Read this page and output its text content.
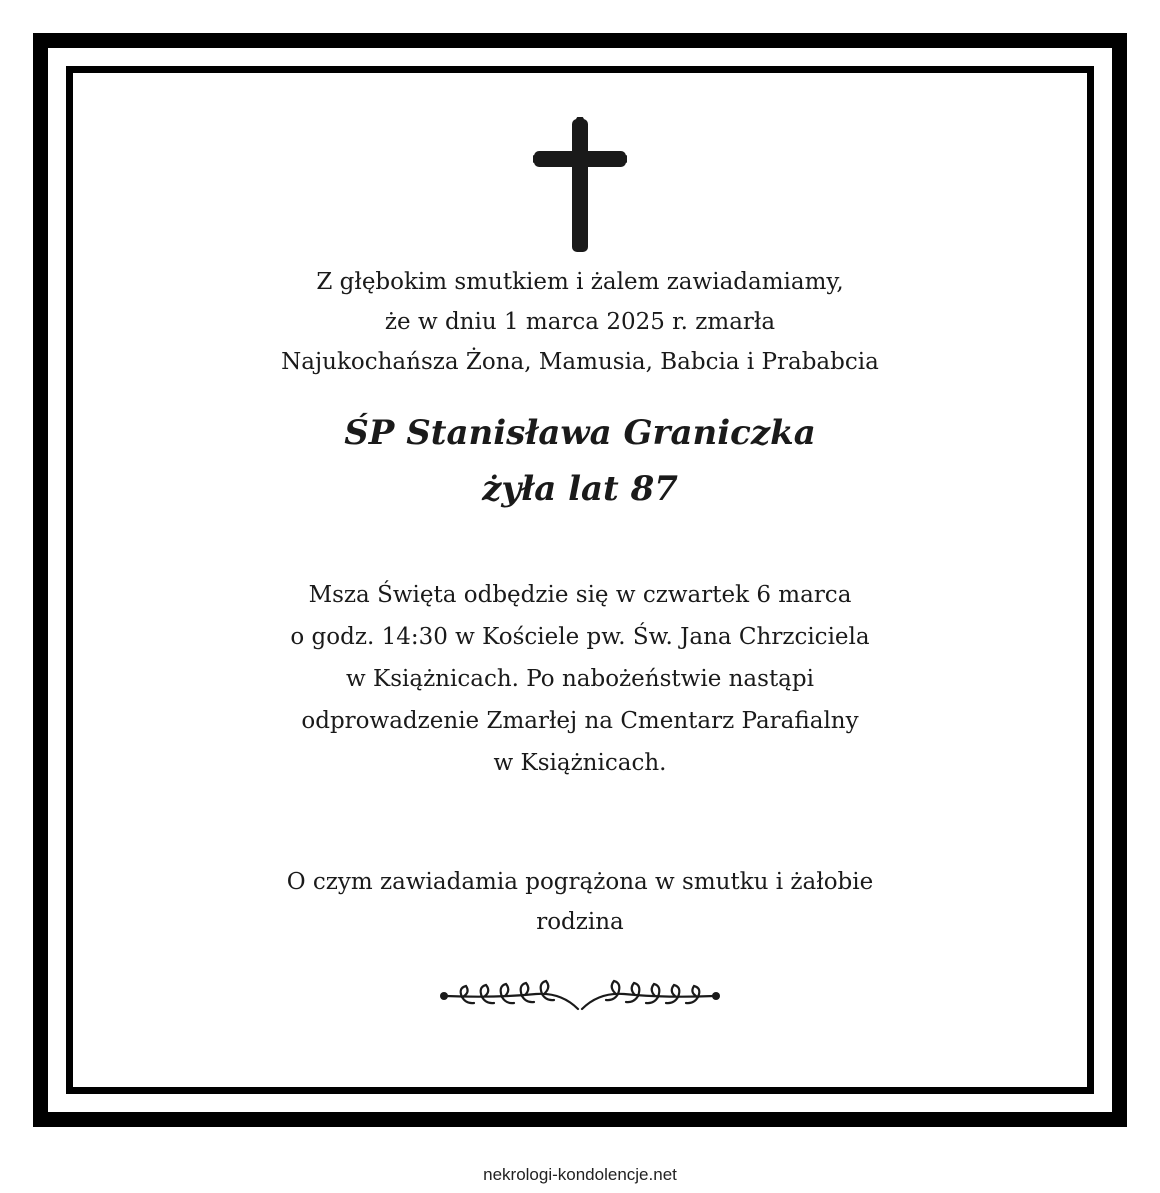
Z głębokim smutkiem i żalem zawiadamiamy,
że w dniu 1 marca 2025 r. zmarła
Najukochańsza Żona, Mamusia, Babcia i Prababcia
ŚP Stanisława Graniczka
żyła lat 87
Msza Święta odbędzie się w czwartek 6 marca
o godz. 14:30 w Kościele pw. Św. Jana Chrzciciela
w Książnicach. Po nabożeństwie nastąpi
odprowadzenie Zmarłej na Cmentarz Parafialny
w Książnicach.
O czym zawiadamia pogrążona w smutku i żałobie
rodzina
nekrologi-kondolencje.net
